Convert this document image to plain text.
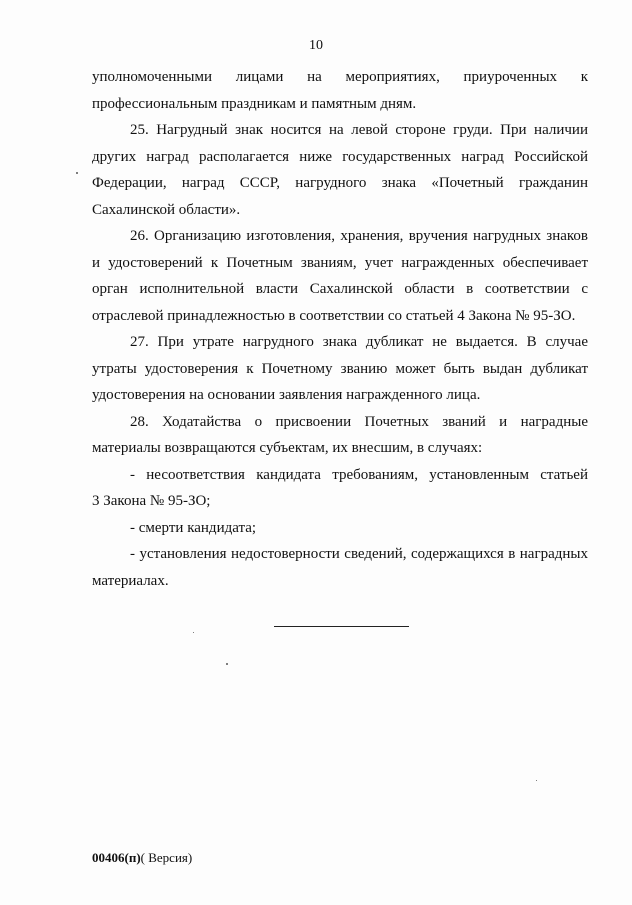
10

уполномоченными лицами на мероприятиях, приуроченных к

профессиональным праздникам и памятным дням.

25. Нагрудный знак носится на левой стороне груди. При наличии других наград располагается ниже государственных наград Российской Федерации, наград СССР, нагрудного знака «Почетный гражданин Сахалинской области».

26. Организацию изготовления, хранения, вручения нагрудных знаков и удостоверений к Почетным званиям, учет награжденных обеспечивает орган исполнительной власти Сахалинской области в соответствии с отраслевой принадлежностью в соответствии со статьей 4 Закона № 95-ЗО.

27. При утрате нагрудного знака дубликат не выдается. В случае утраты удостоверения к Почетному званию может быть выдан дубликат удостоверения на основании заявления награжденного лица.

28. Ходатайства о присвоении Почетных званий и наградные материалы возвращаются субъектам, их внесшим, в случаях:

- несоответствия кандидата требованиям, установленным статьей

3 Закона № 95-ЗО;

- смерти кандидата;

- установления недостоверности сведений, содержащихся в наградных материалах.

00406(п)( Версия)
